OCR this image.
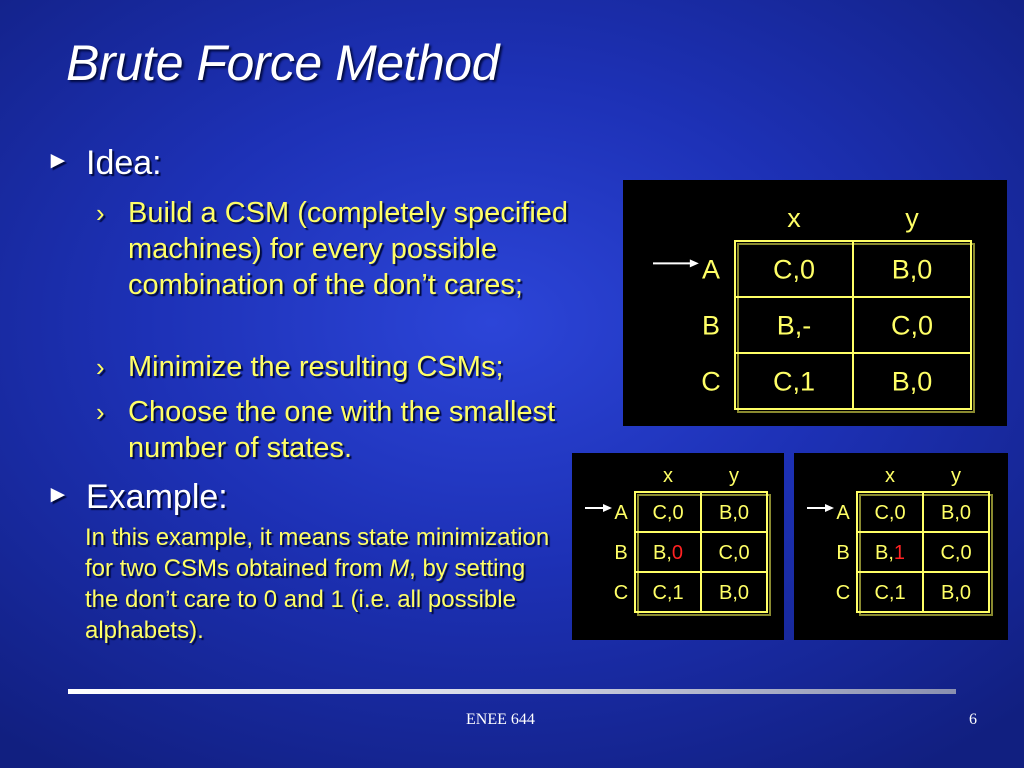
Brute Force Method
► Idea:
› Build a CSM (completely specified machines) for every possible combination of the don’t cares;
› Minimize the resulting CSMs;
› Choose the one with the smallest number of states.
► Example:
In this example, it means state minimization for two CSMs obtained from M, by setting the don’t care to 0 and 1 (i.e. all possible alphabets).
x	y
A C,0	B,0
B B,-	C,0
C C,1	B,0
x	y
A C,0 B,0
B B,0 C,0
C C,1 B,0
x	y
A C,0 B,0
B B,1 C,0
C C,1 B,0
ENEE 644	6
